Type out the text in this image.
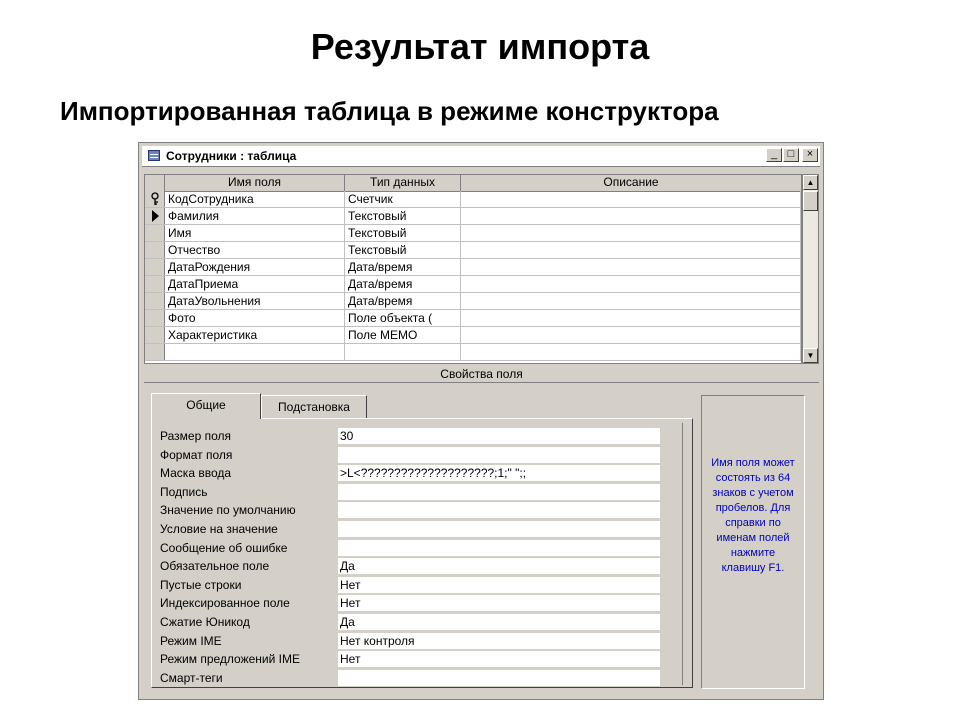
Результат импорта
Импортированная таблица в режиме конструктора
Сотрудники : таблица	_ □	×
Имя поля	Тип данных	Описание
КодСотрудника	Счетчик
Фамилия	Текстовый
Имя	Текстовый
Отчество	Текстовый
ДатаРождения	Дата/время
ДатаПриема	Дата/время
ДатаУвольнения	Дата/время
Фото	Поле объекта (
Характеристика	Поле MEMO
▲
▼
Свойства поля
Общие	Подстановка
Размер поля	30
Формат поля
Маска ввода	>L<????????????????????;1;" ";;
Подпись
Значение по умолчанию
Условие на значение
Сообщение об ошибке
Обязательное поле	Да
Пустые строки	Нет
Индексированное поле	Нет
Сжатие Юникод	Да
Режим IME	Нет контроля
Режим предложений IME	Нет
Смарт-теги
Имя поля может состоять из 64 знаков с учетом пробелов. Для справки по именам полей нажмите клавишу F1.
